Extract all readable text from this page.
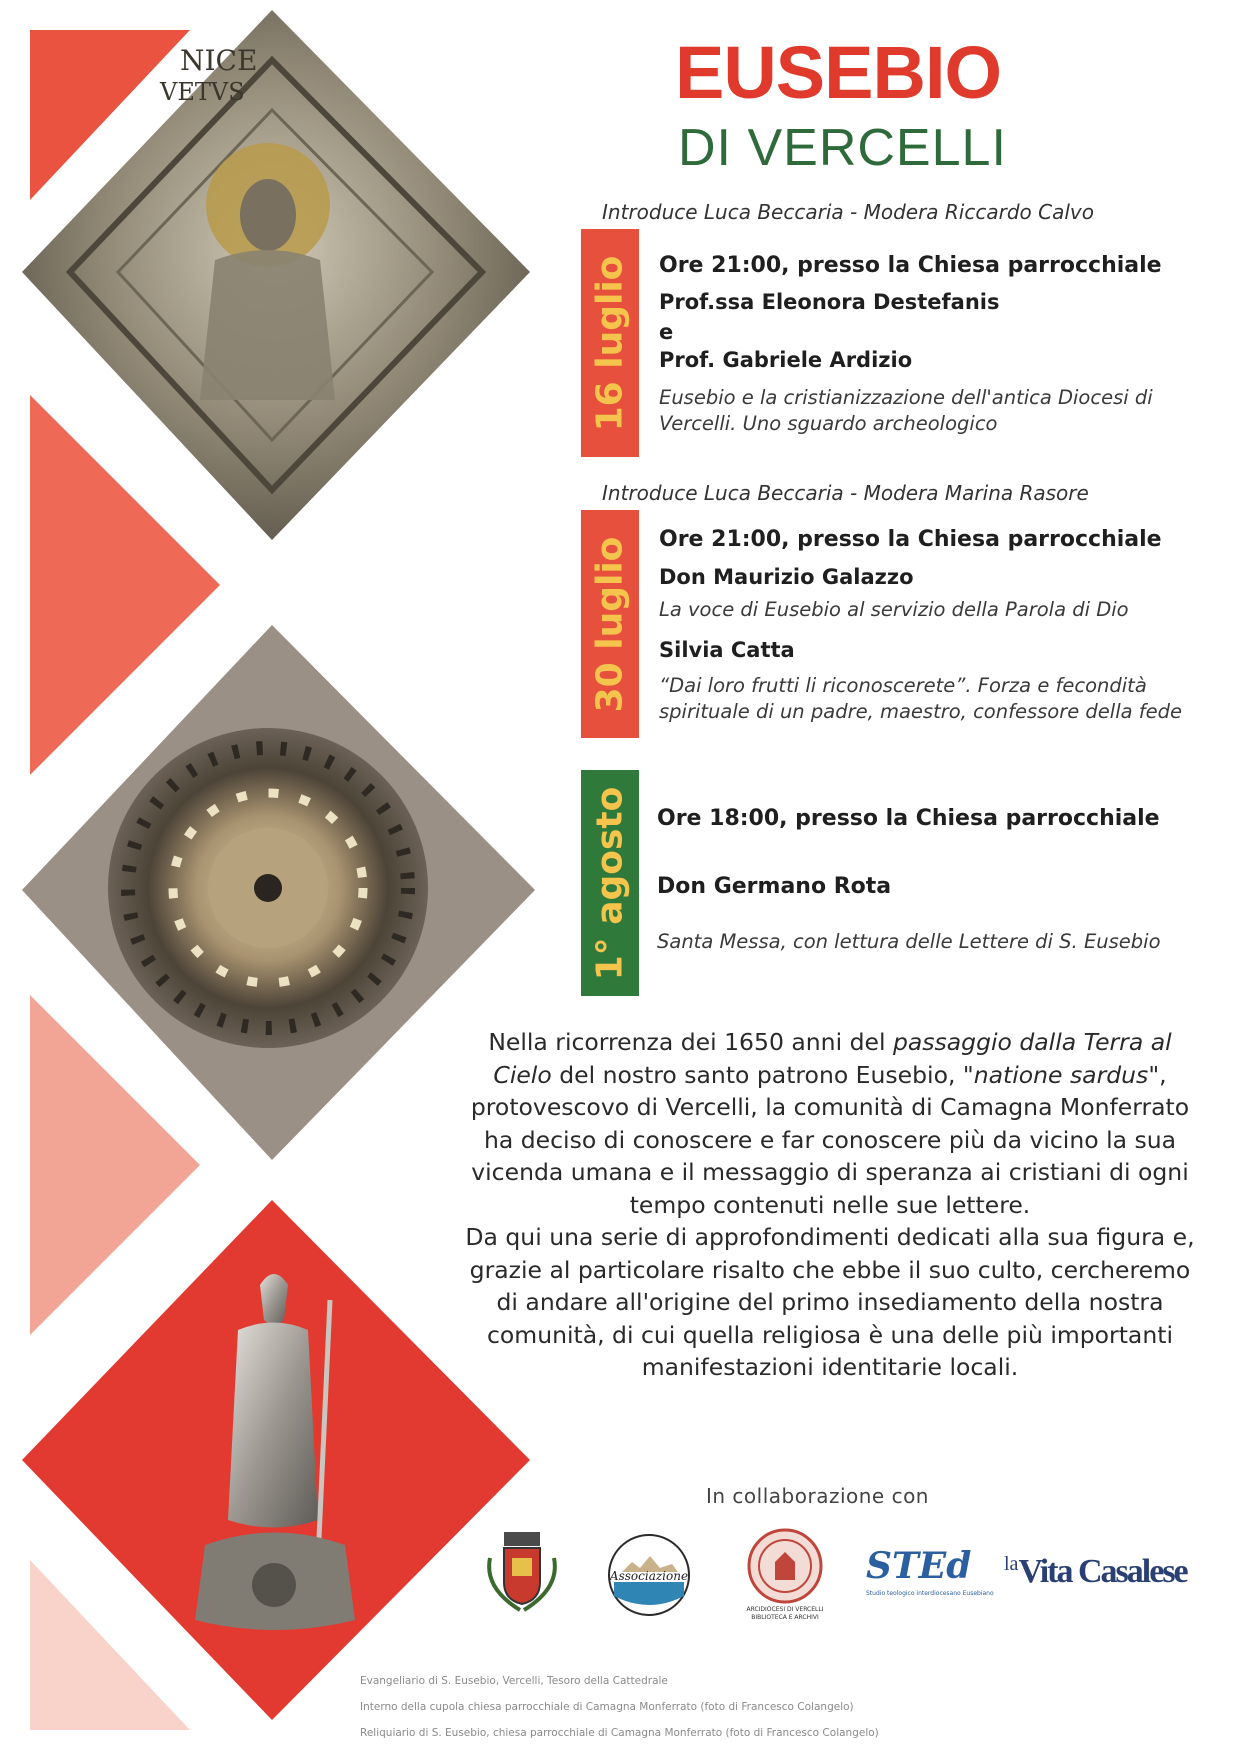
NICE
VETVS	EUSEBIO
DI VERCELLI
Introduce Luca Beccaria - Modera Riccardo Calvo
16 luglio Ore 21:00, presso la Chiesa parrocchiale
Prof.ssa Eleonora Destefanis
e
Prof. Gabriele Ardizio
Eusebio e la cristianizzazione dell'antica Diocesi di Vercelli. Uno sguardo archeologico
Introduce Luca Beccaria - Modera Marina Rasore
30 luglio Ore 21:00, presso la Chiesa parrocchiale
Don Maurizio Galazzo
La voce di Eusebio al servizio della Parola di Dio
Silvia Catta
“Dai loro frutti li riconoscerete”. Forza e fecondità spirituale di un padre, maestro, confessore della fede
1° agosto Ore 18:00, presso la Chiesa parrocchiale
Don Germano Rota
Santa Messa, con lettura delle Lettere di S. Eusebio

Nella ricorrenza dei 1650 anni del passaggio dalla Terra al Cielo del nostro santo patrono Eusebio, "natione sardus", protovescovo di Vercelli, la comunità di Camagna Monferrato ha deciso di conoscere e far conoscere più da vicino la sua vicenda umana e il messaggio di speranza ai cristiani di ogni tempo contenuti nelle sue lettere.

Da qui una serie di approfondimenti dedicati alla sua figura e, grazie al particolare risalto che ebbe il suo culto, cercheremo di andare all'origine del primo insediamento della nostra comunità, di cui quella religiosa è una delle più importanti manifestazioni identitarie locali.

In collaborazione con
Associazione
ARCIDIOCESI DI VERCELLI
BIBLIOTECA E ARCHIVI
STEd
Studio teologico interdiocesano Eusebiano
laVita Casalese
Evangeliario di S. Eusebio, Vercelli, Tesoro della Cattedrale
Interno della cupola chiesa parrocchiale di Camagna Monferrato (foto di Francesco Colangelo)
Reliquiario di S. Eusebio, chiesa parrocchiale di Camagna Monferrato (foto di Francesco Colangelo)
